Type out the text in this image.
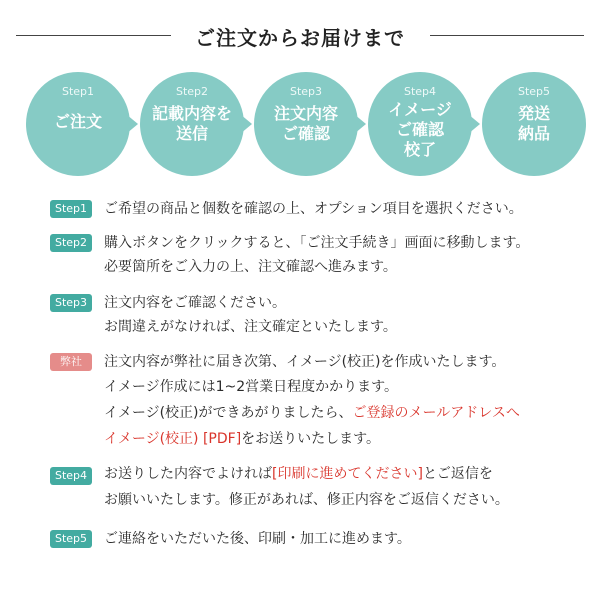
ご注文からお届けまで
Step1
ご注文
Step2
記載内容を
送信
Step3
注文内容
ご確認
Step4
イメージ
ご確認
校了
Step5
発送
納品
Step1	ご希望の商品と個数を確認の上、オプション項目を選択ください。
Step2	購入ボタンをクリックすると、「ご注文手続き」画面に移動します。
必要箇所をご入力の上、注文確認へ進みます。
Step3	注文内容をご確認ください。
お間違えがなければ、注文確定といたします。
弊社	注文内容が弊社に届き次第、イメージ(校正)を作成いたします。
イメージ作成には1~2営業日程度かかります。
イメージ(校正)ができあがりましたら、ご登録のメールアドレスへ
イメージ(校正) [PDF]をお送りいたします。
Step4	お送りした内容でよければ[印刷に進めてください]とご返信を
お願いいたします。修正があれば、修正内容をご返信ください。
Step5	ご連絡をいただいた後、印刷・加工に進めます。
